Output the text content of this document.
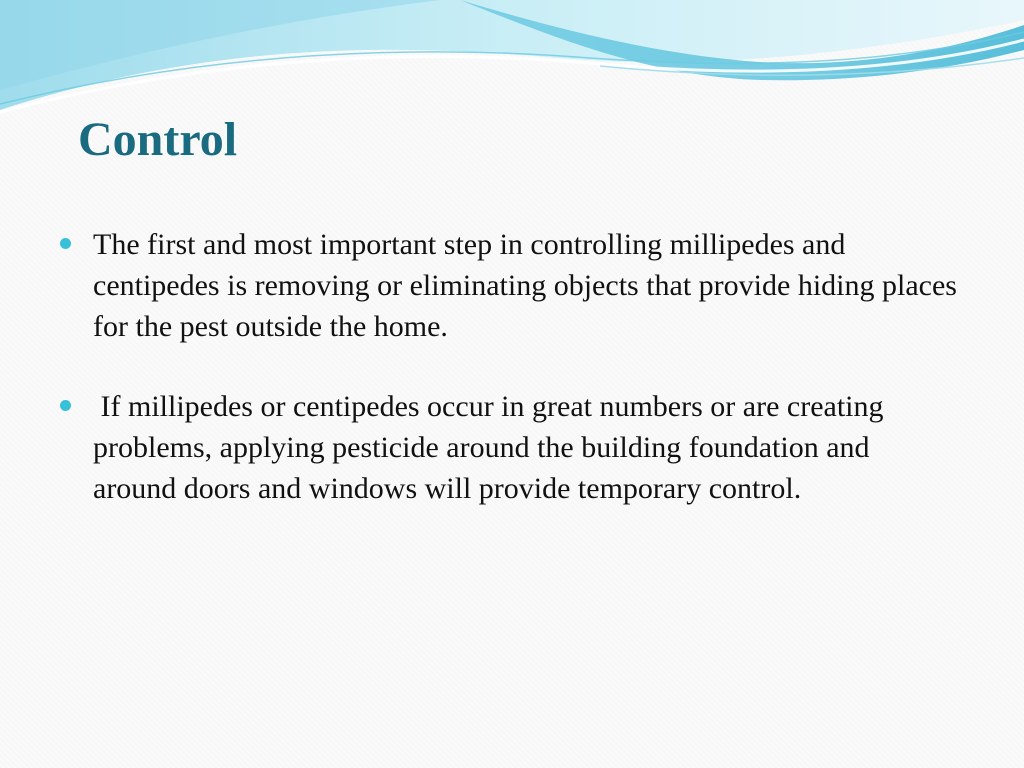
Control
The first and most important step in controlling millipedes and centipedes is removing or eliminating objects that provide hiding places for the pest outside the home.
If millipedes or centipedes occur in great numbers or are creating problems, applying pesticide around the building foundation and around doors and windows will provide temporary control.
